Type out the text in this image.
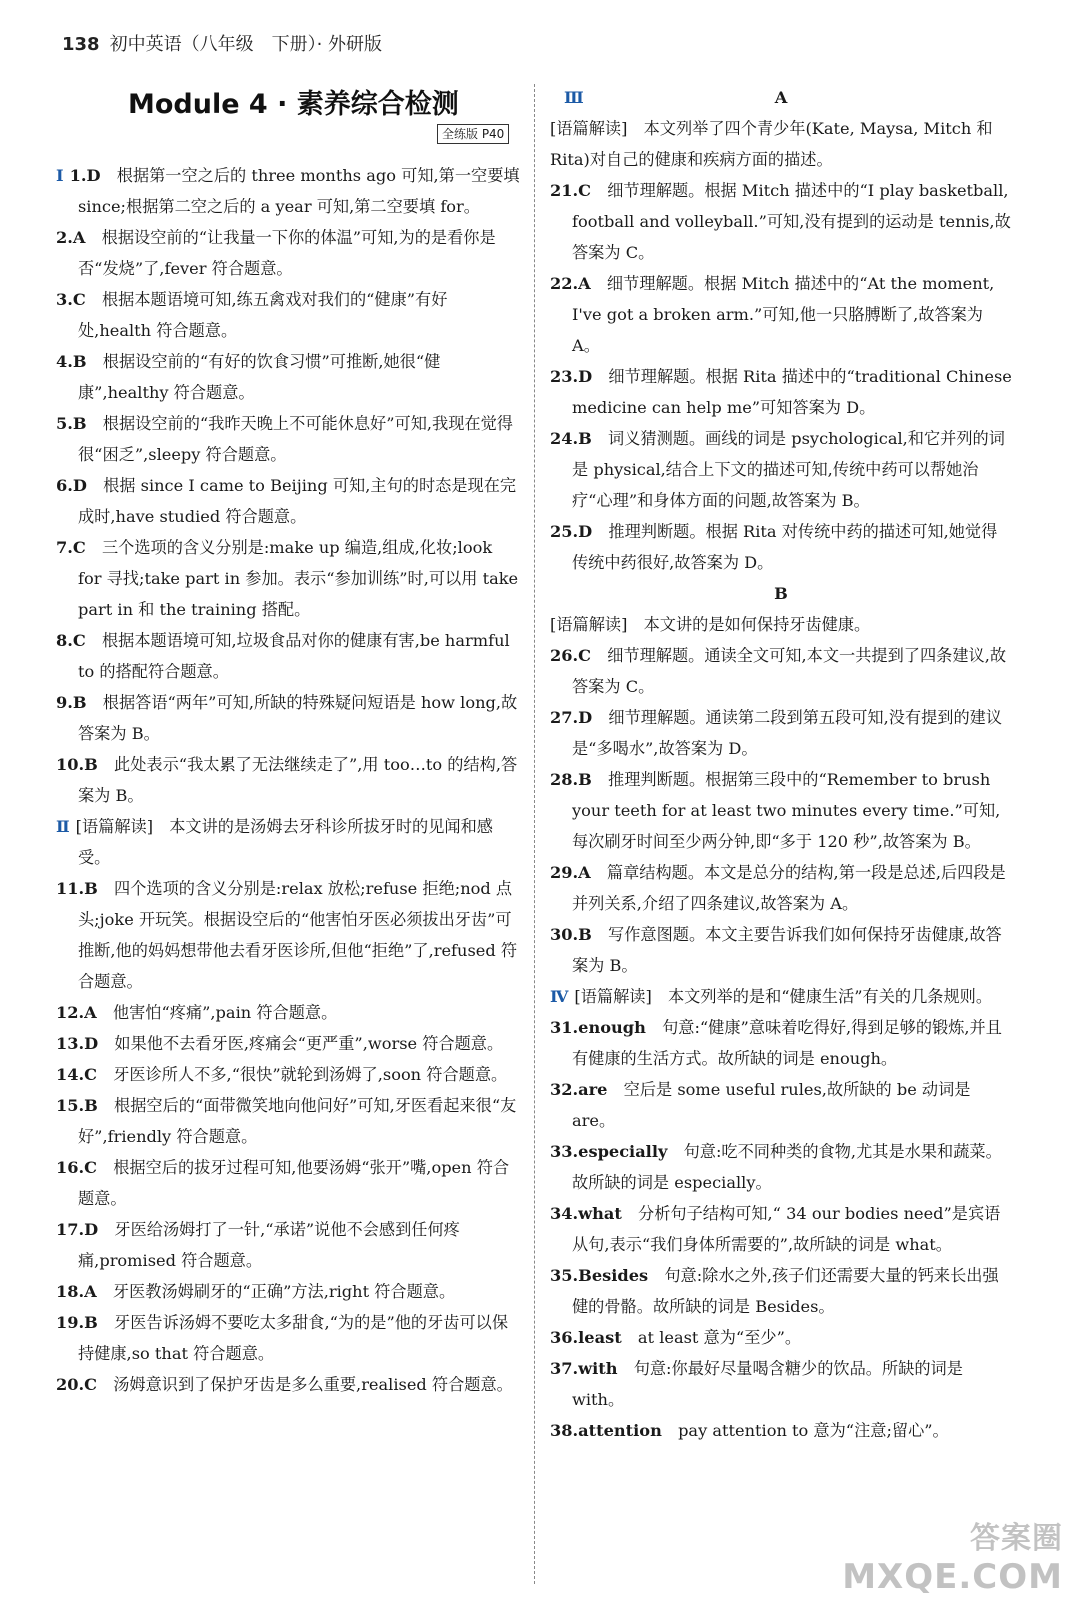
138 初中英语（八年级　下册）· 外研版
Module 4 · 素养综合检测
全练版 P40

Ⅰ 1.D  根据第一空之后的 three months ago 可知,第一空要填 since;根据第二空之后的 a year 可知,第二空要填 for。

2.A  根据设空前的“让我量一下你的体温”可知,为的是看你是否“发烧”了,fever 符合题意。

3.C  根据本题语境可知,练五禽戏对我们的“健康”有好处,health 符合题意。

4.B  根据设空前的“有好的饮食习惯”可推断,她很“健康”,healthy 符合题意。

5.B  根据设空前的“我昨天晚上不可能休息好”可知,我现在觉得很“困乏”,sleepy 符合题意。

6.D  根据 since I came to Beijing 可知,主句的时态是现在完成时,have studied 符合题意。

7.C  三个选项的含义分别是:make up 编造,组成,化妆;look for 寻找;take part in 参加。表示“参加训练”时,可以用 take part in 和 the training 搭配。

8.C  根据本题语境可知,垃圾食品对你的健康有害,be harmful to 的搭配符合题意。

9.B  根据答语“两年”可知,所缺的特殊疑问短语是 how long,故答案为 B。

10.B  此处表示“我太累了无法继续走了”,用 too…to 的结构,答案为 B。

Ⅱ [语篇解读]　本文讲的是汤姆去牙科诊所拔牙时的见闻和感受。

11.B  四个选项的含义分别是:relax 放松;refuse 拒绝;nod 点头;joke 开玩笑。根据设空后的“他害怕牙医必须拔出牙齿”可推断,他的妈妈想带他去看牙医诊所,但他“拒绝”了,refused 符合题意。

12.A  他害怕“疼痛”,pain 符合题意。

13.D  如果他不去看牙医,疼痛会“更严重”,worse 符合题意。

14.C  牙医诊所人不多,“很快”就轮到汤姆了,soon 符合题意。

15.B  根据空后的“面带微笑地向他问好”可知,牙医看起来很“友好”,friendly 符合题意。

16.C  根据空后的拔牙过程可知,他要汤姆“张开”嘴,open 符合题意。

17.D  牙医给汤姆打了一针,“承诺”说他不会感到任何疼痛,promised 符合题意。

18.A  牙医教汤姆刷牙的“正确”方法,right 符合题意。

19.B  牙医告诉汤姆不要吃太多甜食,“为的是”他的牙齿可以保持健康,so that 符合题意。

20.C  汤姆意识到了保护牙齿是多么重要,realised 符合题意。

Ⅲ	A

[语篇解读]　本文列举了四个青少年(Kate, Maysa, Mitch 和 Rita)对自己的健康和疾病方面的描述。

21.C  细节理解题。根据 Mitch 描述中的“I play basketball, football and volleyball.”可知,没有提到的运动是 tennis,故答案为 C。

22.A  细节理解题。根据 Mitch 描述中的“At the moment, I've got a broken arm.”可知,他一只胳膊断了,故答案为 A。

23.D  细节理解题。根据 Rita 描述中的“traditional Chinese medicine can help me”可知答案为 D。

24.B  词义猜测题。画线的词是 psychological,和它并列的词是 physical,结合上下文的描述可知,传统中药可以帮她治疗“心理”和身体方面的问题,故答案为 B。

25.D  推理判断题。根据 Rita 对传统中药的描述可知,她觉得传统中药很好,故答案为 D。

B

[语篇解读]　本文讲的是如何保持牙齿健康。

26.C  细节理解题。通读全文可知,本文一共提到了四条建议,故答案为 C。

27.D  细节理解题。通读第二段到第五段可知,没有提到的建议是“多喝水”,故答案为 D。

28.B  推理判断题。根据第三段中的“Remember to brush your teeth for at least two minutes every time.”可知,每次刷牙时间至少两分钟,即“多于 120 秒”,故答案为 B。

29.A  篇章结构题。本文是总分的结构,第一段是总述,后四段是并列关系,介绍了四条建议,故答案为 A。

30.B  写作意图题。本文主要告诉我们如何保持牙齿健康,故答案为 B。

Ⅳ [语篇解读]　本文列举的是和“健康生活”有关的几条规则。

31.enough  句意:“健康”意味着吃得好,得到足够的锻炼,并且有健康的生活方式。故所缺的词是 enough。

32.are  空后是 some useful rules,故所缺的 be 动词是 are。

33.especially  句意:吃不同种类的食物,尤其是水果和蔬菜。故所缺的词是 especially。

34.what  分析句子结构可知,“ 34 our bodies need”是宾语从句,表示“我们身体所需要的”,故所缺的词是 what。

35.Besides  句意:除水之外,孩子们还需要大量的钙来长出强健的骨骼。故所缺的词是 Besides。

36.least  at least 意为“至少”。

37.with  句意:你最好尽量喝含糖少的饮品。所缺的词是 with。

38.attention  pay attention to 意为“注意;留心”。

答案圈
MXQE.COM
